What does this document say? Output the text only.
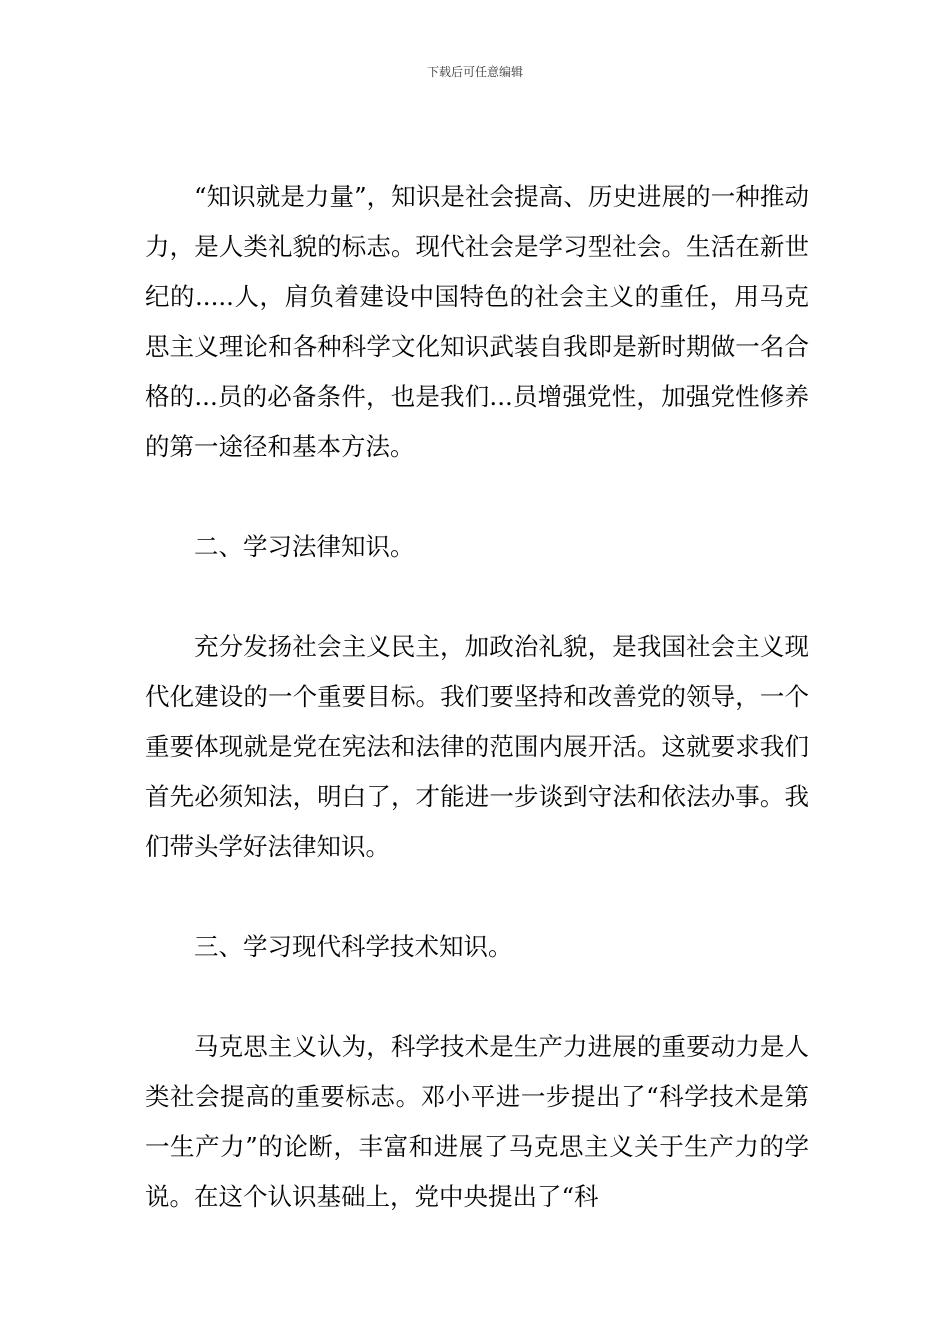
下载后可任意编辑

“知识就是力量”，知识是社会提高、历史进展的一种推动力，是人类礼貌的标志。现代社会是学习型社会。生活在新世纪的.....人，肩负着建设中国特色的社会主义的重任，用马克思主义理论和各种科学文化知识武装自我即是新时期做一名合格的...员的必备条件，也是我们...员增强党性，加强党性修养的第一途径和基本方法。

二、学习法律知识。

充分发扬社会主义民主，加政治礼貌，是我国社会主义现代化建设的一个重要目标。我们要坚持和改善党的领导，一个重要体现就是党在宪法和法律的范围内展开活。这就要求我们首先必须知法，明白了，才能进一步谈到守法和依法办事。我们带头学好法律知识。

三、学习现代科学技术知识。

马克思主义认为，科学技术是生产力进展的重要动力是人类社会提高的重要标志。邓小平进一步提出了“科学技术是第一生产力”的论断，丰富和进展了马克思主义关于生产力的学说。在这个认识基础上，党中央提出了“科
